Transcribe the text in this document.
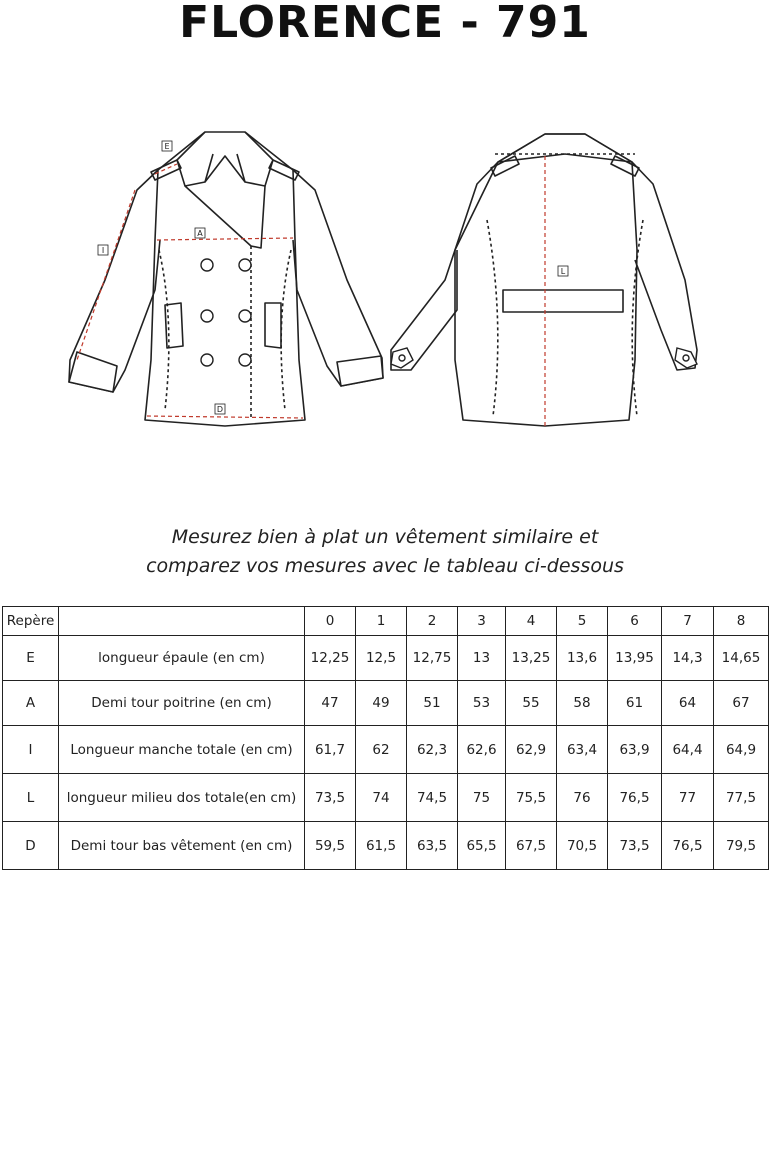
FLORENCE - 791
E
A
I
D
L
Mesurez bien à plat un vêtement similaire et
comparez vos mesures avec le tableau ci-dessous
Repère		0	1	2	3	4	5	6	7	8
E	longueur épaule (en cm)	12,25	12,5	12,75	13	13,25	13,6	13,95	14,3	14,65
A	Demi tour poitrine (en cm)	47	49	51	53	55	58	61	64	67
I	Longueur manche totale (en cm)	61,7	62	62,3	62,6	62,9	63,4	63,9	64,4	64,9
L	longueur milieu dos totale(en cm)	73,5	74	74,5	75	75,5	76	76,5	77	77,5
D	Demi tour bas vêtement (en cm)	59,5	61,5	63,5	65,5	67,5	70,5	73,5	76,5	79,5
